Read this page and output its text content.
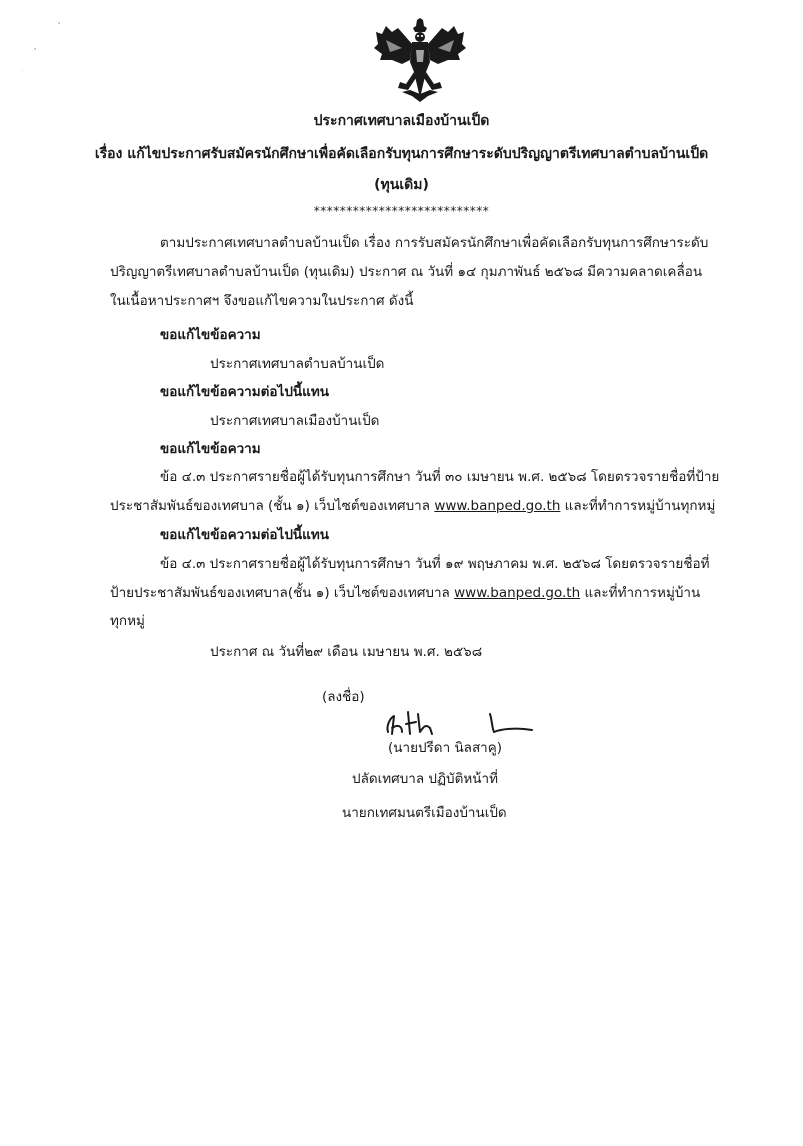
ประกาศเทศบาลเมืองบ้านเป็ด
เรื่อง แก้ไขประกาศรับสมัครนักศึกษาเพื่อคัดเลือกรับทุนการศึกษาระดับปริญญาตรีเทศบาลตำบลบ้านเป็ด
(ทุนเดิม)
***************************
ตามประกาศเทศบาลตำบลบ้านเป็ด เรื่อง การรับสมัครนักศึกษาเพื่อคัดเลือกรับทุนการศึกษาระดับ
ปริญญาตรีเทศบาลตำบลบ้านเป็ด (ทุนเดิม) ประกาศ ณ วันที่ ๑๔ กุมภาพันธ์ ๒๕๖๘ มีความคลาดเคลื่อน
ในเนื้อหาประกาศฯ จึงขอแก้ไขความในประกาศ ดังนี้
ขอแก้ไขข้อความ
ประกาศเทศบาลตำบลบ้านเป็ด
ขอแก้ไขข้อความต่อไปนี้แทน
ประกาศเทศบาลเมืองบ้านเป็ด
ขอแก้ไขข้อความ
ข้อ ๔.๓ ประกาศรายชื่อผู้ได้รับทุนการศึกษา วันที่ ๓๐ เมษายน พ.ศ. ๒๕๖๘ โดยตรวจรายชื่อที่ป้าย
ประชาสัมพันธ์ของเทศบาล (ชั้น ๑) เว็บไซต์ของเทศบาล www.banped.go.th และที่ทำการหมู่บ้านทุกหมู่
ขอแก้ไขข้อความต่อไปนี้แทน
ข้อ ๔.๓ ประกาศรายชื่อผู้ได้รับทุนการศึกษา วันที่ ๑๙ พฤษภาคม พ.ศ. ๒๕๖๘ โดยตรวจรายชื่อที่
ป้ายประชาสัมพันธ์ของเทศบาล(ชั้น ๑) เว็บไซต์ของเทศบาล www.banped.go.th และที่ทำการหมู่บ้าน
ทุกหมู่
ประกาศ ณ วันที่๒๙ เดือน เมษายน พ.ศ. ๒๕๖๘
(ลงชื่อ)
(นายปรีดา นิลสาคู)
ปลัดเทศบาล ปฏิบัติหน้าที่
นายกเทศมนตรีเมืองบ้านเป็ด
